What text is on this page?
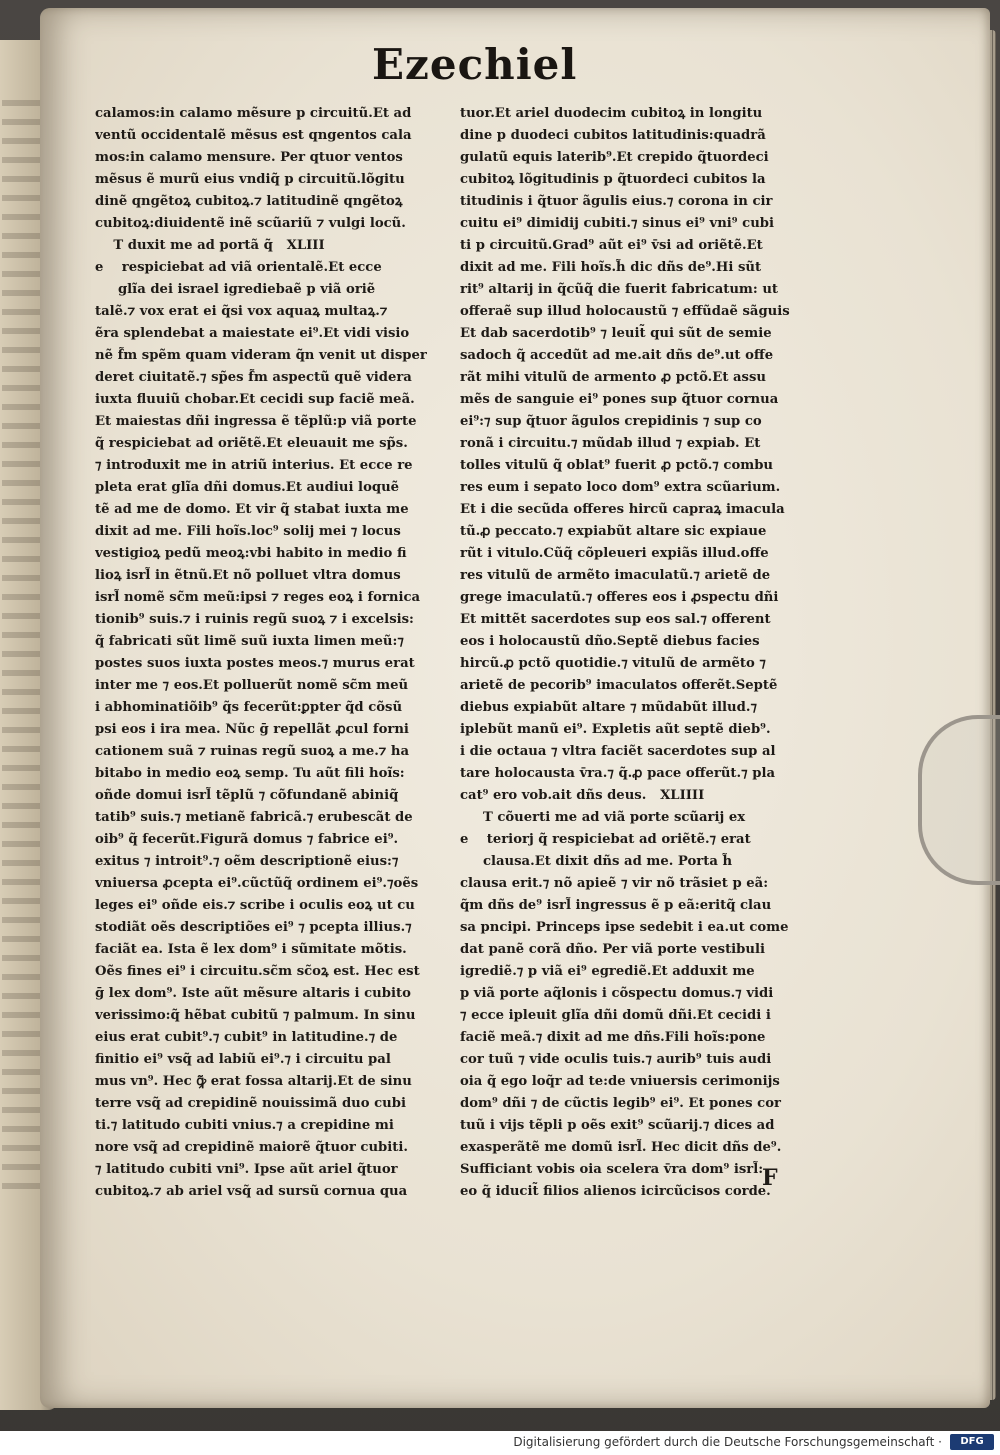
Ezechiel
calamos:in calamo mẽsure p circuitũ.Et ad
ventũ occidentalẽ mẽsus est qngentos cala
mos:in calamo mensure. Per qtuor ventos
mẽsus ẽ murũ eius vndiq̃ p circuitũ.lõgitu
dinẽ qngẽtoꝝ cubitoꝝ.⁊ latitudinẽ qngẽtoꝝ
cubitoꝝ:diuidentẽ inẽ scũariũ ⁊ vulgi locũ.
T duxit me ad portã q̃   XLIII
e    respiciebat ad viã orientalẽ.Et ecce
glĩa dei israel igrediebaẽ p viã oriẽ
talẽ.⁊ vox erat ei q̃si vox aquaꝝ multaꝝ.⁊
ẽra splendebat a maiestate ei⁹.Et vidi visio
nẽ f̃m spẽm quam videram q̃n venit ut disper
deret ciuitatẽ.⁊ sp̃es f̃m aspectũ quẽ videra
iuxta fluuiũ chobar.Et cecidi sup faciẽ meã.
Et maiestas dñi ingressa ẽ tẽplũ:p viã porte
q̃ respiciebat ad oriẽtẽ.Et eleuauit me sp̃s.
⁊ introduxit me in atriũ interius. Et ecce re
pleta erat glĩa dñi domus.Et audiui loquẽ
tẽ ad me de domo. Et vir q̃ stabat iuxta me
dixit ad me. Fili hoĩs.loc⁹ solij mei ⁊ locus
vestigioꝝ pedũ meoꝝ:vbi habito in medio fi
lioꝝ isrl̃ in ẽtnũ.Et nõ polluet vltra domus
isrl̃ nomẽ sc̃m meũ:ipsi ⁊ reges eoꝝ i fornica
tionib⁹ suis.⁊ i ruinis regũ suoꝝ ⁊ i excelsis:
q̃ fabricati sũt limẽ suũ iuxta limen meũ:⁊
postes suos iuxta postes meos.⁊ murus erat
inter me ⁊ eos.Et polluerũt nomẽ sc̃m meũ
i abhominatiõib⁹ q̃s fecerũt:ꝑpter q̃d cõsũ
psi eos i ira mea. Nũc ḡ repellãt ꝓcul forni
cationem suã ⁊ ruinas regũ suoꝝ a me.⁊ ha
bitabo in medio eoꝝ semp. Tu aũt fili hoĩs:
oñde domui isrl̃ tẽplũ ⁊ cõfundanẽ abiniq̃
tatib⁹ suis.⁊ metianẽ fabricã.⁊ erubescãt de
oib⁹ q̃ fecerũt.Figurã domus ⁊ fabrice ei⁹.
exitus ⁊ introit⁹.⁊ oẽm descriptionẽ eius:⁊
vniuersa ꝓcepta ei⁹.cũctũq̃ ordinem ei⁹.⁊oẽs
leges ei⁹ oñde eis.⁊ scribe i oculis eoꝝ ut cu
stodiãt oẽs descriptiões ei⁹ ⁊ pcepta illius.⁊
faciãt ea. Ista ẽ lex dom⁹ i sũmitate mõtis.
Oẽs fines ei⁹ i circuitu.sc̃m sc̃oꝝ est. Hec est
ḡ lex dom⁹. Iste aũt mẽsure altaris i cubito
verissimo:q̃ hẽbat cubitũ ⁊ palmum. In sinu
eius erat cubit⁹.⁊ cubit⁹ in latitudine.⁊ de
finitio ei⁹ vsq̃ ad labiũ ei⁹.⁊ i circuitu pal
mus vn⁹. Hec ꝙ̃ erat fossa altarij.Et de sinu
terre vsq̃ ad crepidinẽ nouissimã duo cubi
ti.⁊ latitudo cubiti vnius.⁊ a crepidine mi
nore vsq̃ ad crepidinẽ maiorẽ q̃tuor cubiti.
⁊ latitudo cubiti vni⁹. Ipse aũt ariel q̃tuor
cubitoꝝ.⁊ ab ariel vsq̃ ad sursũ cornua qua
tuor.Et ariel duodecim cubitoꝝ in longitu
dine p duodeci cubitos latitudinis:quadrã
gulatũ equis laterib⁹.Et crepido q̃tuordeci
cubitoꝝ lõgitudinis p q̃tuordeci cubitos la
titudinis i q̃tuor ãgulis eius.⁊ corona in cir
cuitu ei⁹ dimidij cubiti.⁊ sinus ei⁹ vni⁹ cubi
ti p circuitũ.Grad⁹ aũt ei⁹ v̄si ad oriẽtẽ.Et
dixit ad me. Fili hoĩs.h̃ dic dñs de⁹.Hi sũt
rit⁹ altarij in q̃cũq̃ die fuerit fabricatum: ut
offeraẽ sup illud holocaustũ ⁊ effũdaẽ sãguis
Et dab sacerdotib⁹ ⁊ leuit̃ qui sũt de semie
sadoch q̃ accedũt ad me.ait dñs de⁹.ut offe
rãt mihi vitulũ de armento ꝓ pctõ.Et assu
mẽs de sanguie ei⁹ pones sup q̃tuor cornua
ei⁹:⁊ sup q̃tuor ãgulos crepidinis ⁊ sup co
ronã i circuitu.⁊ mũdab illud ⁊ expiab. Et
tolles vitulũ q̃ oblat⁹ fuerit ꝓ pctõ.⁊ combu
res eum i sepato loco dom⁹ extra scũarium.
Et i die secũda offeres hircũ capraꝝ imacula
tũ.ꝓ peccato.⁊ expiabũt altare sic expiaue
rũt i vitulo.Cũq̃ cõpleueri expiãs illud.offe
res vitulũ de armẽto imaculatũ.⁊ arietẽ de
grege imaculatũ.⁊ offeres eos i ꝓspectu dñi
Et mittẽt sacerdotes sup eos sal.⁊ offerent
eos i holocaustũ dño.Septẽ diebus facies
hircũ.ꝓ pctõ quotidie.⁊ vitulũ de armẽto ⁊
arietẽ de pecorib⁹ imaculatos offerẽt.Septẽ
diebus expiabũt altare ⁊ mũdabũt illud.⁊
iplebũt manũ ei⁹. Expletis aũt septẽ dieb⁹.
i die octaua ⁊ vltra faciẽt sacerdotes sup al
tare holocausta v̄ra.⁊ q̃.ꝓ pace offerũt.⁊ pla
cat⁹ ero vob.ait dñs deus.   XLIIII
T cõuerti me ad viã porte scũarij ex
e    teriorj q̃ respiciebat ad oriẽtẽ.⁊ erat
clausa.Et dixit dñs ad me. Porta h̃
clausa erit.⁊ nõ apieẽ ⁊ vir nõ trãsiet p eã:
q̃m dñs de⁹ isrl̃ ingressus ẽ p eã:eritq̃ clau
sa pncipi. Princeps ipse sedebit i ea.ut come
dat panẽ corã dño. Per viã porte vestibuli
igrediẽ.⁊ p viã ei⁹ egrediẽ.Et adduxit me
p viã porte aq̃lonis i cõspectu domus.⁊ vidi
⁊ ecce ipleuit glĩa dñi domũ dñi.Et cecidi i
faciẽ meã.⁊ dixit ad me dñs.Fili hoĩs:pone
cor tuũ ⁊ vide oculis tuis.⁊ aurib⁹ tuis audi
oia q̃ ego loq̃r ad te:de vniuersis cerimonijs
dom⁹ dñi ⁊ de cũctis legib⁹ ei⁹. Et pones cor
tuũ i vijs tẽpli p oẽs exit⁹ scũarij.⁊ dices ad
exasperãtẽ me domũ isrl̃. Hec dicit dñs de⁹.
Sufficiant vobis oia scelera v̄ra dom⁹ isrl̃:
eo q̃ iducit̃ filios alienos icircũcisos corde.
F
Digitalisierung gefördert durch die Deutsche Forschungsgemeinschaft ·	DFG
